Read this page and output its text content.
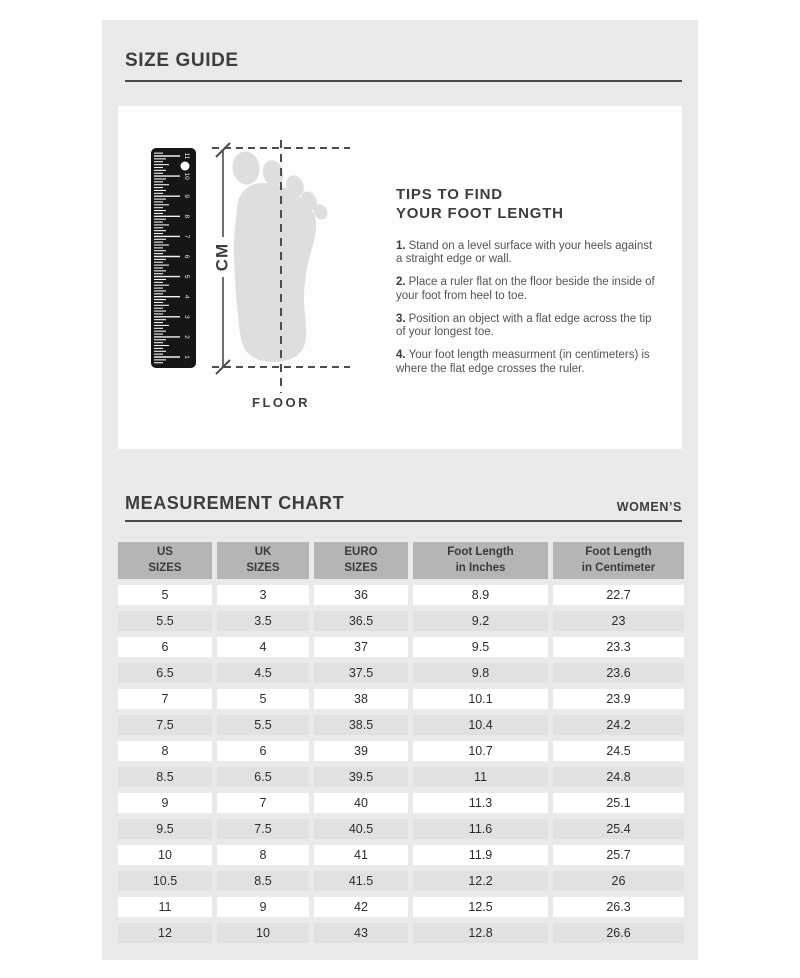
SIZE GUIDE
1
2
3
4
5
6
7
8
9
10
11
CM
FLOOR
TIPS TO FIND
YOUR FOOT LENGTH
1. Stand on a level surface with your heels against a straight edge or wall.
2. Place a ruler flat on the floor beside the inside of your foot from heel to toe.
3. Position an object with a flat edge across the tip of your longest toe.
4. Your foot length measurment (in centimeters) is where the flat edge crosses the ruler.
MEASUREMENT CHART	WOMEN’S
US
SIZES
UK
SIZES
EURO
SIZES
Foot Length
in Inches
Foot Length
in Centimeter
5	3	36	8.9	22.7
5.5	3.5	36.5	9.2	23
6	4	37	9.5	23.3
6.5	4.5	37.5	9.8	23.6
7	5	38	10.1	23.9
7.5	5.5	38.5	10.4	24.2
8	6	39	10.7	24.5
8.5	6.5	39.5	11	24.8
9	7	40	11.3	25.1
9.5	7.5	40.5	11.6	25.4
10	8	41	11.9	25.7
10.5	8.5	41.5	12.2	26
11	9	42	12.5	26.3
12	10	43	12.8	26.6
